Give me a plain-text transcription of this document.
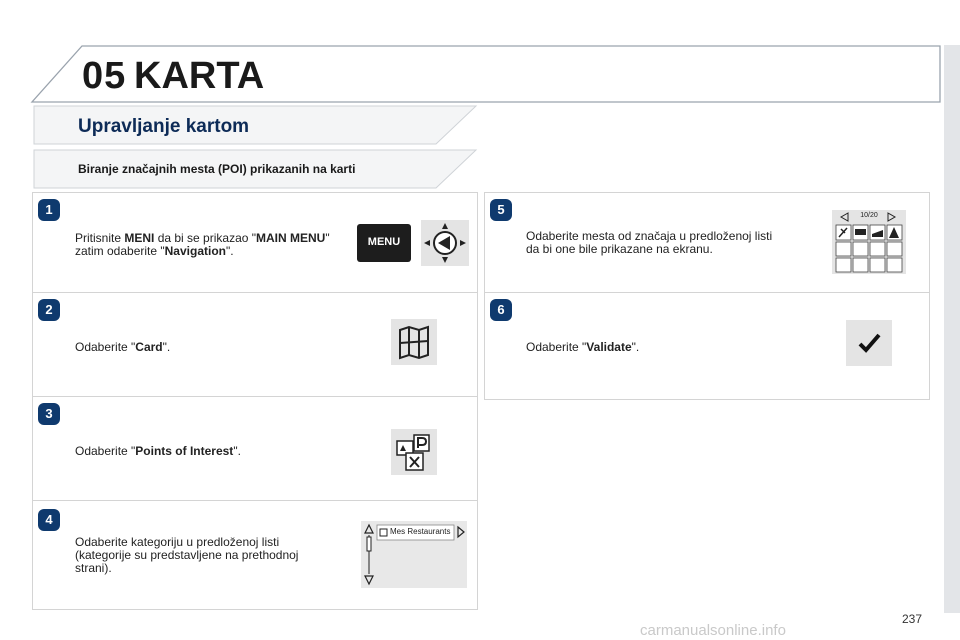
05 KARTA
Upravljanje kartom
Biranje značajnih mesta (POI) prikazanih na karti
1
Pritisnite MENI da bi se prikazao "MAIN MENU"
zatim odaberite "Navigation".
MENU
2
Odaberite "Card".
3
Odaberite "Points of Interest".
4
Odaberite kategoriju u predloženoj listi
(kategorije su predstavljene na prethodnoj
strani).
Mes Restaurants
5
Odaberite mesta od značaja u predloženoj listi
da bi one bile prikazane na ekranu.
10/20
6
Odaberite "Validate".
237
carmanualsonline.info
